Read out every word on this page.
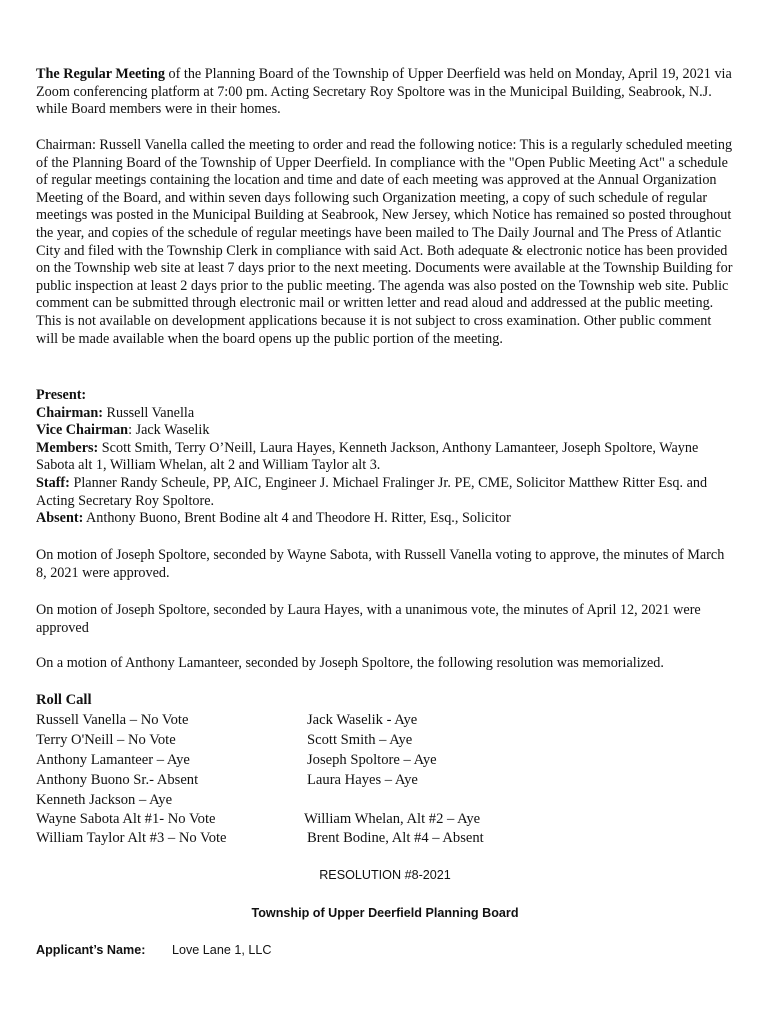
The Regular Meeting of the Planning Board of the Township of Upper Deerfield was held on Monday, April 19, 2021 via Zoom conferencing platform at 7:00 pm. Acting Secretary Roy Spoltore was in the Municipal Building, Seabrook, N.J. while Board members were in their homes.

Chairman: Russell Vanella called the meeting to order and read the following notice: This is a regularly scheduled meeting of the Planning Board of the Township of Upper Deerfield. In compliance with the "Open Public Meeting Act" a schedule of regular meetings containing the location and time and date of each meeting was approved at the Annual Organization Meeting of the Board, and within seven days following such Organization meeting, a copy of such schedule of regular meetings was posted in the Municipal Building at Seabrook, New Jersey, which Notice has remained so posted throughout the year, and copies of the schedule of regular meetings have been mailed to The Daily Journal and The Press of Atlantic City and filed with the Township Clerk in compliance with said Act. Both adequate & electronic notice has been provided on the Township web site at least 7 days prior to the next meeting. Documents were available at the Township Building for public inspection at least 2 days prior to the public meeting. The agenda was also posted on the Township web site. Public comment can be submitted through electronic mail or written letter and read aloud and addressed at the public meeting. This is not available on development applications because it is not subject to cross examination. Other public comment will be made available when the board opens up the public portion of the meeting.

Present:
Chairman: Russell Vanella
Vice Chairman: Jack Waselik
Members: Scott Smith, Terry O’Neill, Laura Hayes, Kenneth Jackson, Anthony Lamanteer, Joseph Spoltore, Wayne Sabota alt 1, William Whelan, alt 2 and William Taylor alt 3.
Staff: Planner Randy Scheule, PP, AIC, Engineer J. Michael Fralinger Jr. PE, CME, Solicitor Matthew Ritter Esq. and Acting Secretary Roy Spoltore.
Absent: Anthony Buono, Brent Bodine alt 4 and Theodore H. Ritter, Esq., Solicitor

On motion of Joseph Spoltore, seconded by Wayne Sabota, with Russell Vanella voting to approve, the minutes of March 8, 2021 were approved.

On motion of Joseph Spoltore, seconded by Laura Hayes, with a unanimous vote, the minutes of April 12, 2021 were approved

On a motion of Anthony Lamanteer, seconded by Joseph Spoltore, the following resolution was memorialized.

Roll Call
Russell Vanella – No Vote
Terry O'Neill – No Vote
Anthony Lamanteer – Aye
Anthony Buono Sr.- Absent
Kenneth Jackson – Aye
Wayne Sabota Alt #1- No Vote
William Taylor Alt #3 – No Vote
Jack Waselik - Aye
Scott Smith – Aye
Joseph Spoltore – Aye
Laura Hayes – Aye
William Whelan, Alt #2 – Aye
Brent Bodine, Alt #4 – Absent
RESOLUTION #8-2021
Township of Upper Deerfield Planning Board
Applicant’s Name: Love Lane 1, LLC
